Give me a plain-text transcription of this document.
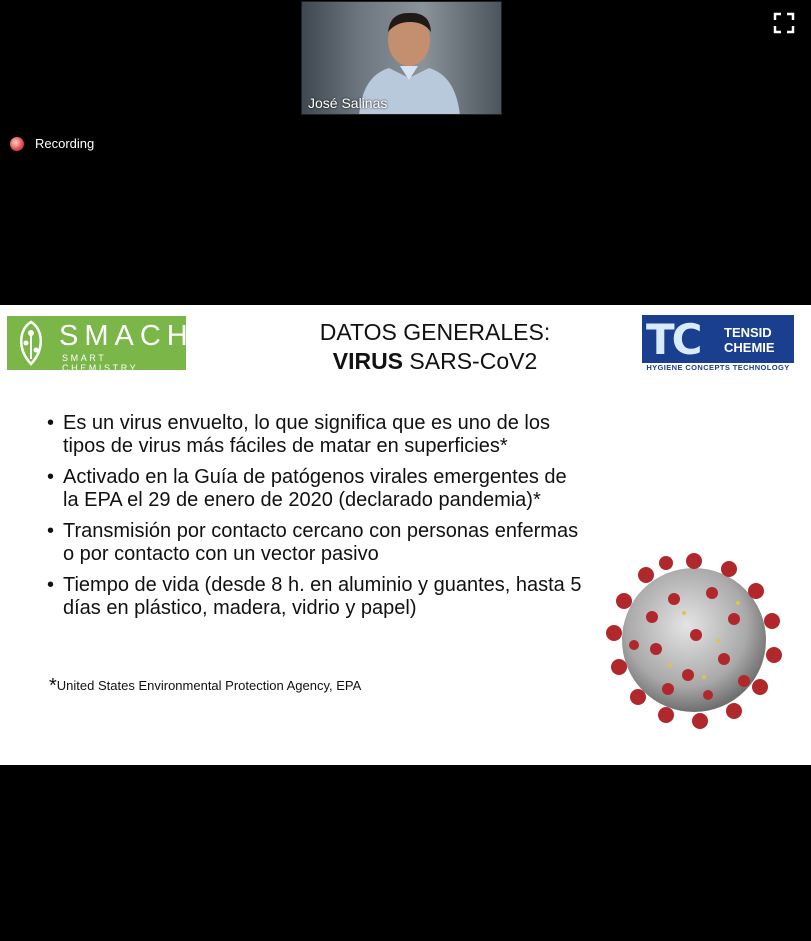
José Salinas
Recording
SMACH
SMART CHEMISTRY
DATOS GENERALES:
VIRUS SARS-CoV2	TC TENSID
CHEMIE
HYGIENE CONCEPTS TECHNOLOGY
• Es un virus envuelto, lo que significa que es uno de los tipos de virus más fáciles de matar en superficies*
• Activado en la Guía de patógenos virales emergentes de la EPA el 29 de enero de 2020 (declarado pandemia)*
• Transmisión por contacto cercano con personas enfermas o por contacto con un vector pasivo
• Tiempo de vida (desde 8 h. en aluminio y guantes, hasta 5 días en plástico, madera, vidrio y papel)
*United States Environmental Protection Agency, EPA
